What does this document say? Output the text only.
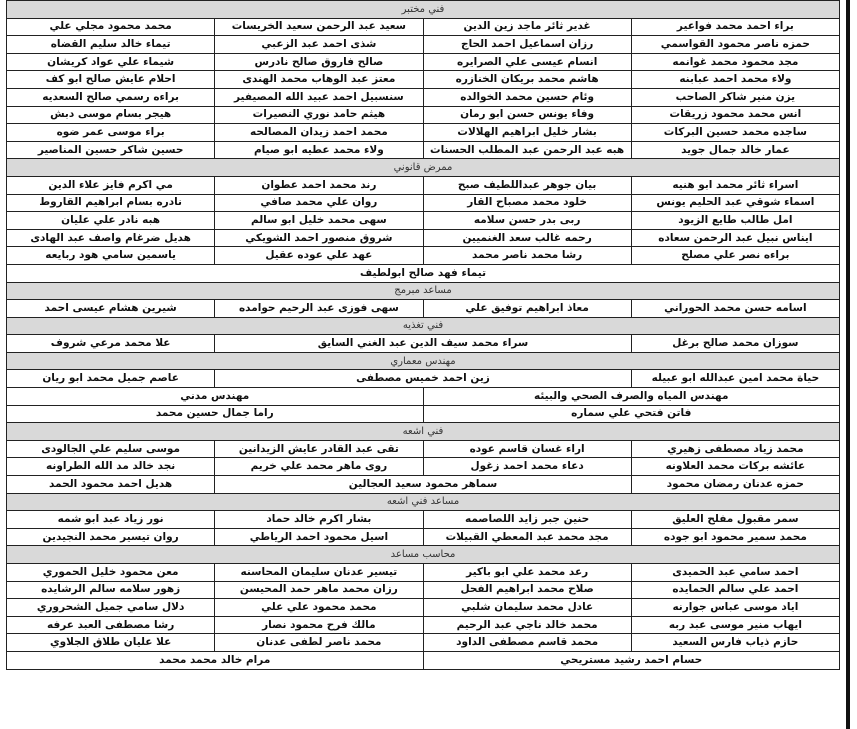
فني مختبر			
براء احمد محمد فواعير	غدير ثائر ماجد زين الدين	سعيد عبد الرحمن سعيد الخريسات	محمد محمود مجلي علي
حمزه ناصر محمود القواسمي	رزان اسماعيل احمد الحاج	شذى احمد عبد الزعبي	تيماء خالد سليم القضاه
مجد محمود محمد غوانمه	انسام عيسى علي الصرايره	صالح فاروق صالح نادرس	شيماء علي عواد كريشان
ولاء محمد احمد عبابنه	هاشم محمد بريكان الخنازره	معتز عبد الوهاب محمد الهندى	احلام عايش صالح ابو كف
يزن منير شاكر الصاحب	وئام حسين محمد الخوالده	سنسبيل احمد عبيد الله المصيفير	براءه رسمي صالح السعديه
انس محمد محمود زريقات	وفاء يونس حسن ابو رمان	هيثم حامد نوري النصيرات	هيجر بسام موسى دبش
ساجده محمد حسين البركات	بشار خليل ابراهيم الهلالات	محمد احمد زيدان المصالحه	براء موسى عمر ضوه
عمار خالد جمال جويد	هبه عبد الرحمن عبد المطلب الحسنات	ولاء محمد عطيه ابو صيام	حسين شاكر حسين المناصير
ممرض قانوني			
اسراء ثائر محمد ابو هنيه	بيان جوهر عبداللطيف صبح	رند محمد احمد عطوان	مي اكرم فايز علاء الدين
اسماء شوقي عبد الحليم يونس	خلود محمد مصباح القار	روان علي محمد صافي	نادره بسام ابراهيم القاروط
امل طالب طايع الزيود	ربى بدر حسن سلامه	سهى محمد خليل ابو سالم	هبه نادر علي عليان
ايناس نبيل عبد الرحمن سعاده	رحمه غالب سعد الغنميين	شروق منصور احمد الشويكي	هديل ضرغام واصف عبد الهادى
براءه نصر علي مصلح	رشا محمد ناصر محمد	عهد علي عوده عقيل	ياسمين سامي هود ربايعه
تيماء فهد صالح ابولطيف			
مساعد مبرمج			
اسامه حسن محمد الحوراني	معاذ ابراهيم توفيق علي	سهى فوزى عبد الرحيم حوامده	شيرين هشام عيسى احمد
فني تغذيه			
سوزان محمد صالح برغل	سراء محمد سيف الدين عبد الغني السايق		علا محمد مرعي شروف
مهندس معماري			
حياة محمد امين عبدالله ابو عبيله	زين احمد خميس مصطفى		عاصم جميل محمد ابو ريان
مهندس المياه والصرف الصحي والبيئه		مهندس مدني	
فاتن فتحي علي سماره		راما جمال حسين محمد	
فني اشعه			
محمد زياد مصطفى زهيري	اراء غسان قاسم عوده	تقى عبد القادر عايش الزيدانين	موسى سليم علي الجالودى
عائشه بركات محمد العلاونه	دعاء محمد احمد زغول	روى ماهر محمد علي خريم	نجد خالد مد الله الطراونه
حمزه عدنان رمضان محمود	سماهر محمود سعيد العجالين		هديل احمد محمود الحمد
مساعد فني اشعه			
سمر مقبول مفلح العليق	حنين جبر زايد اللصاصمه	بشار اكرم خالد حماد	نور زياد عبد ابو شمه
محمد سمير محمود ابو جوده	مجد محمد عبد المعطي القبيلات	اسيل محمود احمد الرياطي	روان تيسير محمد النجيدين
محاسب مساعد			
احمد سامي عبد الحميدى	رعد محمد علي ابو باكير	تيسير عدنان سليمان المحاسنه	معن محمود خليل الحموري
احمد علي سالم الحمايده	صلاح محمد ابراهيم الفحل	رزان محمد ماهر حمد المحيسن	زهور سلامه سالم الرشايده
اياد موسى عباس جوارنه	عادل محمد سليمان شلبي	محمد محمود علي علي	دلال سامي جميل الشحروري
ايهاب منير موسى عبد ربه	محمد خالد ناجي عبد الرحيم	مالك فرح محمود نصار	رشا مصطفى العبد عرفه
حازم ذياب فارس السعيد	محمد قاسم مصطفى الداود	محمد ناصر لطفى عدنان	علا عليان طلاق الجلاوي
حسام احمد رشيد مستريحي		مرام خالد محمد محمد	
